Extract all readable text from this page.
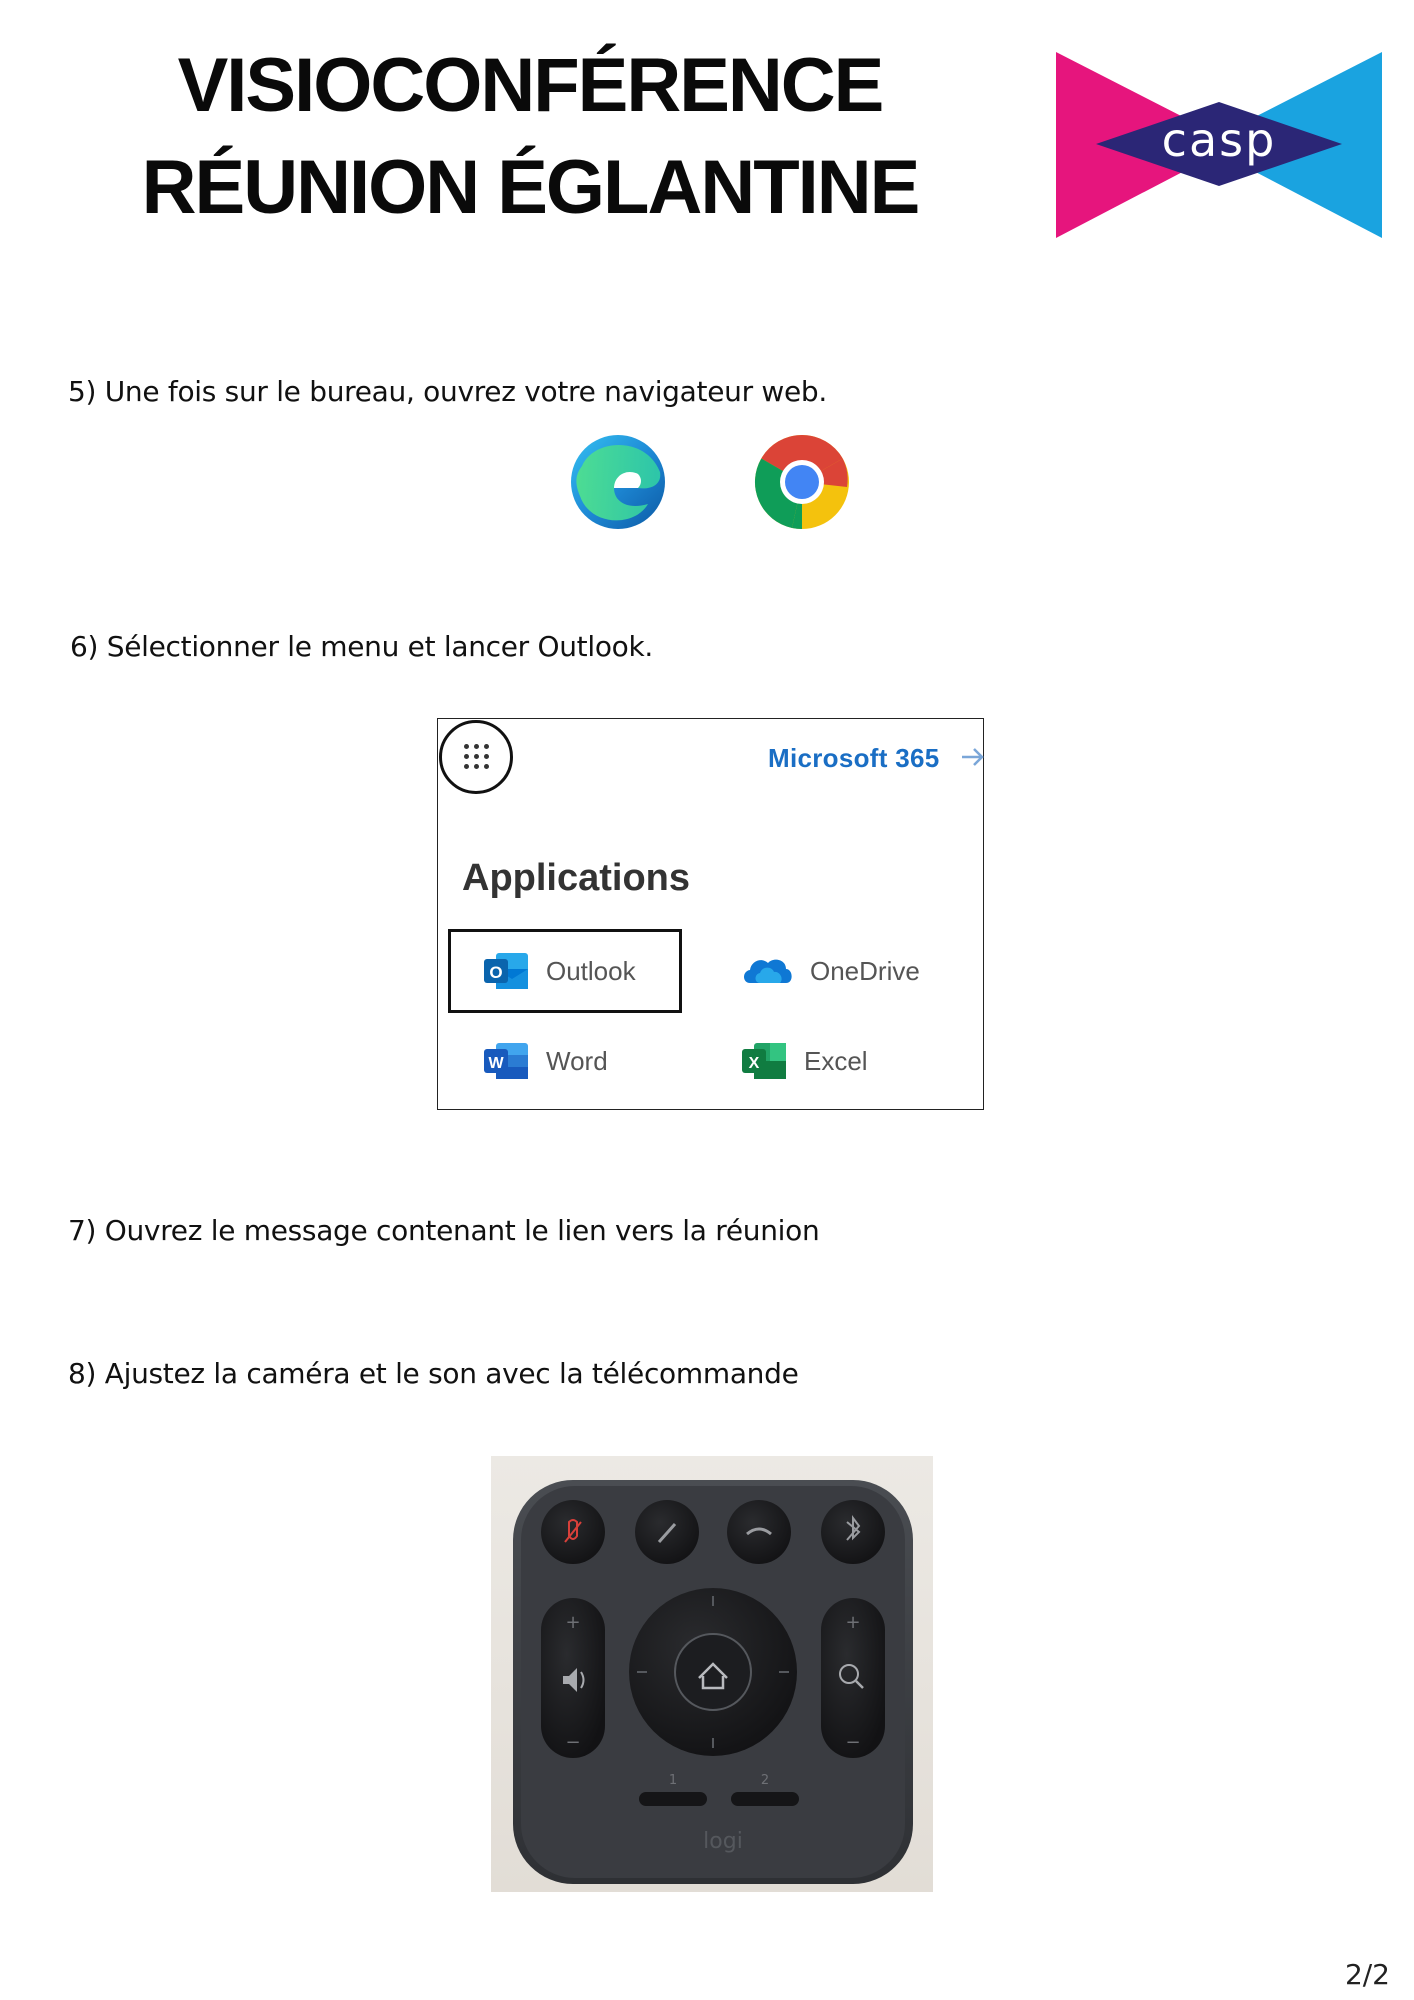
VISIOCONFÉRENCE
RÉUNION ÉGLANTINE
casp
5) Une fois sur le bureau, ouvrez votre navigateur web.
6) Sélectionner le menu et lancer Outlook.
Microsoft 365
Applications
O Outlook	OneDrive
W Word	X Excel
7) Ouvrez le message contenant le lien vers la réunion
8) Ajustez la caméra et le son avec la télécommande
+
−
+
−
1	2
logi
2/2
